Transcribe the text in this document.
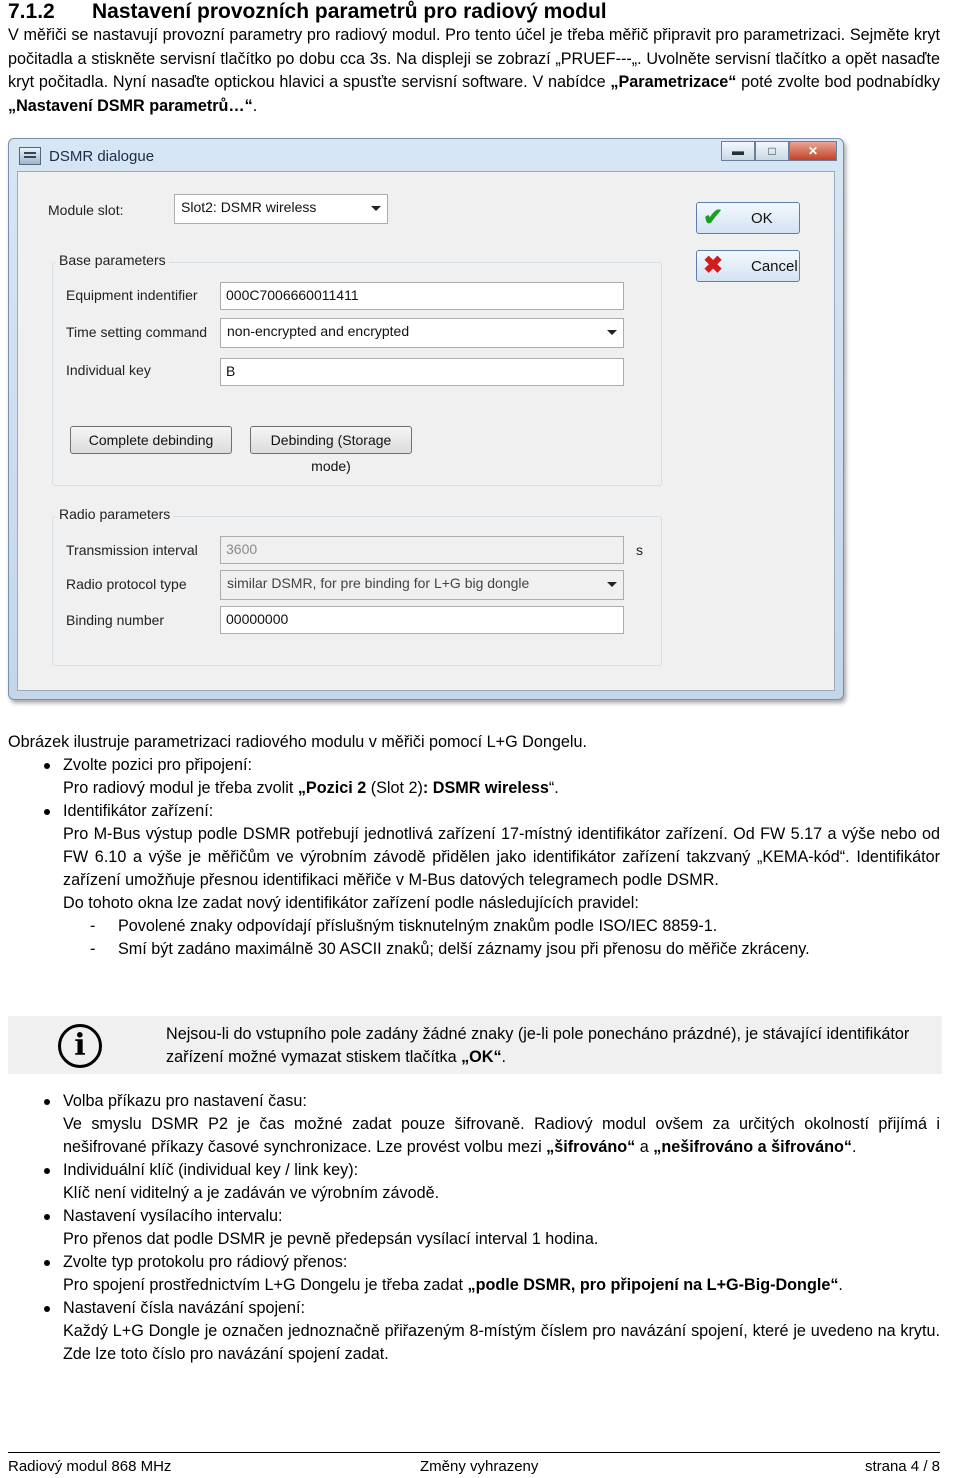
7.1.2 Nastavení provozních parametrů pro radiový modul
V měřiči se nastavují provozní parametry pro radiový modul. Pro tento účel je třeba měřič připravit pro parametrizaci. Sejměte kryt počitadla a stiskněte servisní tlačítko po dobu cca 3s. Na displeji se zobrazí „PRUEF---„. Uvolněte servisní tlačítko a opět nasaďte kryt počitadla. Nyní nasaďte optickou hlavici a spusťte servisní software. V nabídce „Parametrizace“ poté zvolte bod podnabídky „Nastavení DSMR parametrů…“.
DSMR dialogue	▬	□	✕
Module slot:	Slot2: DSMR wireless	✔ OK
✖ Cancel
Base parameters
Equipment indentifier	000C7006660011411
Time setting command	non-encrypted and encrypted
Individual key	B
Complete debinding	Debinding (Storage mode)
Radio parameters
Transmission interval	3600	s
Radio protocol type	similar DSMR, for pre binding for L+G big dongle
Binding number	00000000
Obrázek ilustruje parametrizaci radiového modulu v měřiči pomocí L+G Dongelu.
Zvolte pozici pro připojení:
Pro radiový modul je třeba zvolit „Pozici 2 (Slot 2): DSMR wireless“.
Identifikátor zařízení:
Pro M-Bus výstup podle DSMR potřebují jednotlivá zařízení 17-místný identifikátor zařízení. Od FW 5.17 a výše nebo od FW 6.10 a výše je měřičům ve výrobním závodě přidělen jako identifikátor zařízení takzvaný „KEMA-kód“. Identifikátor zařízení umožňuje přesnou identifikaci měřiče v M-Bus datových telegramech podle DSMR.
Do tohoto okna lze zadat nový identifikátor zařízení podle následujících pravidel:
- Povolené znaky odpovídají příslušným tisknutelným znakům podle ISO/IEC 8859-1.
- Smí být zadáno maximálně 30 ASCII znaků; delší záznamy jsou při přenosu do měřiče zkráceny.
i	Nejsou-li do vstupního pole zadány žádné znaky (je-li pole ponecháno prázdné), je stávající identifikátor zařízení možné vymazat stiskem tlačítka „OK“.
Volba příkazu pro nastavení času:
Ve smyslu DSMR P2 je čas možné zadat pouze šifrovaně. Radiový modul ovšem za určitých okolností přijímá i nešifrované příkazy časové synchronizace. Lze provést volbu mezi „šifrováno“ a „nešifrováno a šifrováno“.
Individuální klíč (individual key / link key):
Klíč není viditelný a je zadáván ve výrobním závodě.
Nastavení vysílacího intervalu:
Pro přenos dat podle DSMR je pevně předepsán vysílací interval 1 hodina.
Zvolte typ protokolu pro rádiový přenos:
Pro spojení prostřednictvím L+G Dongelu je třeba zadat „podle DSMR, pro připojení na L+G-Big-Dongle“.
Nastavení čísla navázání spojení:
Každý L+G Dongle je označen jednoznačně přiřazeným 8-místým číslem pro navázání spojení, které je uvedeno na krytu. Zde lze toto číslo pro navázání spojení zadat.
Radiový modul 868 MHz	Změny vyhrazeny	strana 4 / 8
